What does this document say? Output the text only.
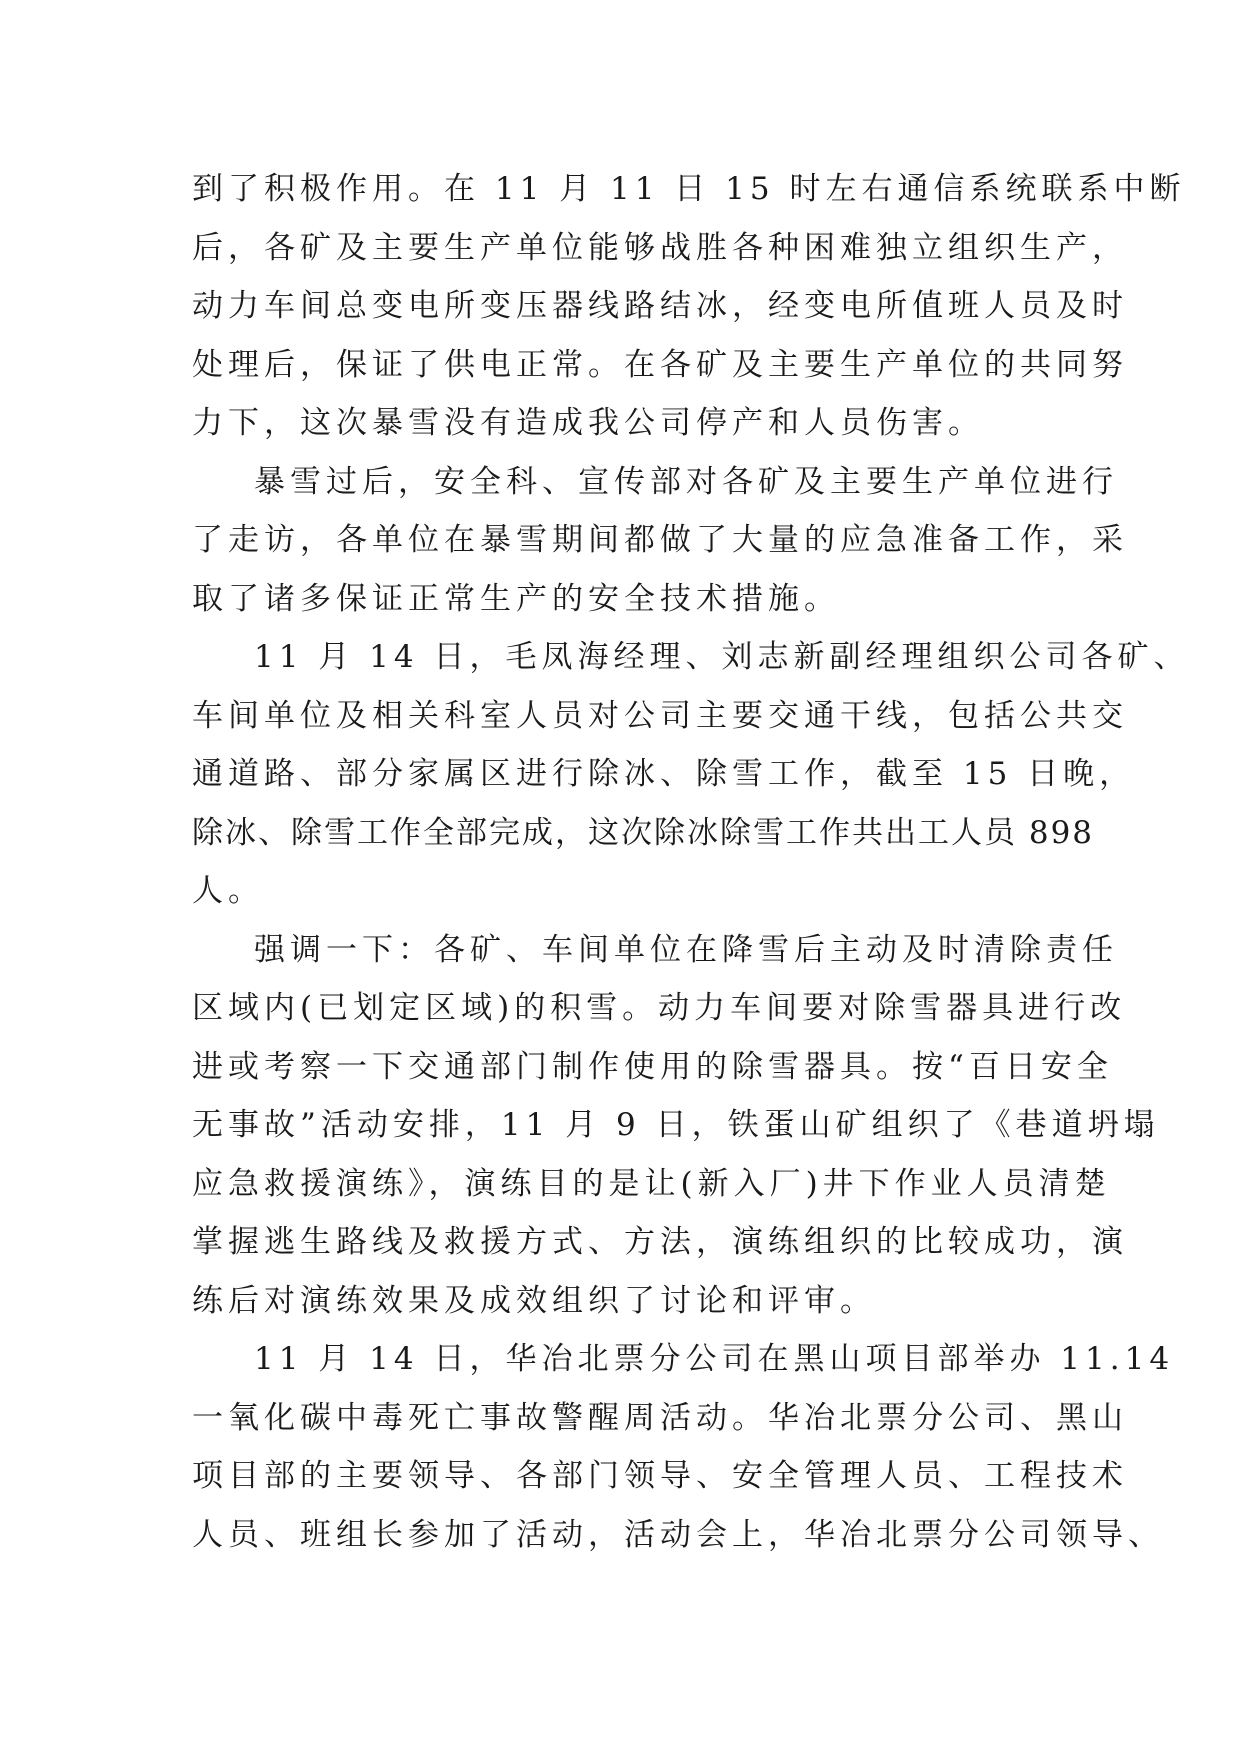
到了积极作用。在 11 月 11 日 15 时左右通信系统联系中断
后，各矿及主要生产单位能够战胜各种困难独立组织生产，
动力车间总变电所变压器线路结冰，经变电所值班人员及时
处理后，保证了供电正常。在各矿及主要生产单位的共同努
力下，这次暴雪没有造成我公司停产和人员伤害。
暴雪过后，安全科、宣传部对各矿及主要生产单位进行
了走访，各单位在暴雪期间都做了大量的应急准备工作，采
取了诸多保证正常生产的安全技术措施。
11 月 14 日，毛凤海经理、刘志新副经理组织公司各矿、
车间单位及相关科室人员对公司主要交通干线，包括公共交
通道路、部分家属区进行除冰、除雪工作，截至 15 日晚，
除冰、除雪工作全部完成，这次除冰除雪工作共出工人员 898
人。
强调一下：各矿、车间单位在降雪后主动及时清除责任
区域内(已划定区域)的积雪。动力车间要对除雪器具进行改
进或考察一下交通部门制作使用的除雪器具。按“百日安全
无事故”活动安排，11 月 9 日，铁蛋山矿组织了《巷道坍塌
应急救援演练》，演练目的是让(新入厂)井下作业人员清楚
掌握逃生路线及救援方式、方法，演练组织的比较成功，演
练后对演练效果及成效组织了讨论和评审。
11 月 14 日，华冶北票分公司在黑山项目部举办 11.14
一氧化碳中毒死亡事故警醒周活动。华冶北票分公司、黑山
项目部的主要领导、各部门领导、安全管理人员、工程技术
人员、班组长参加了活动，活动会上，华冶北票分公司领导、
